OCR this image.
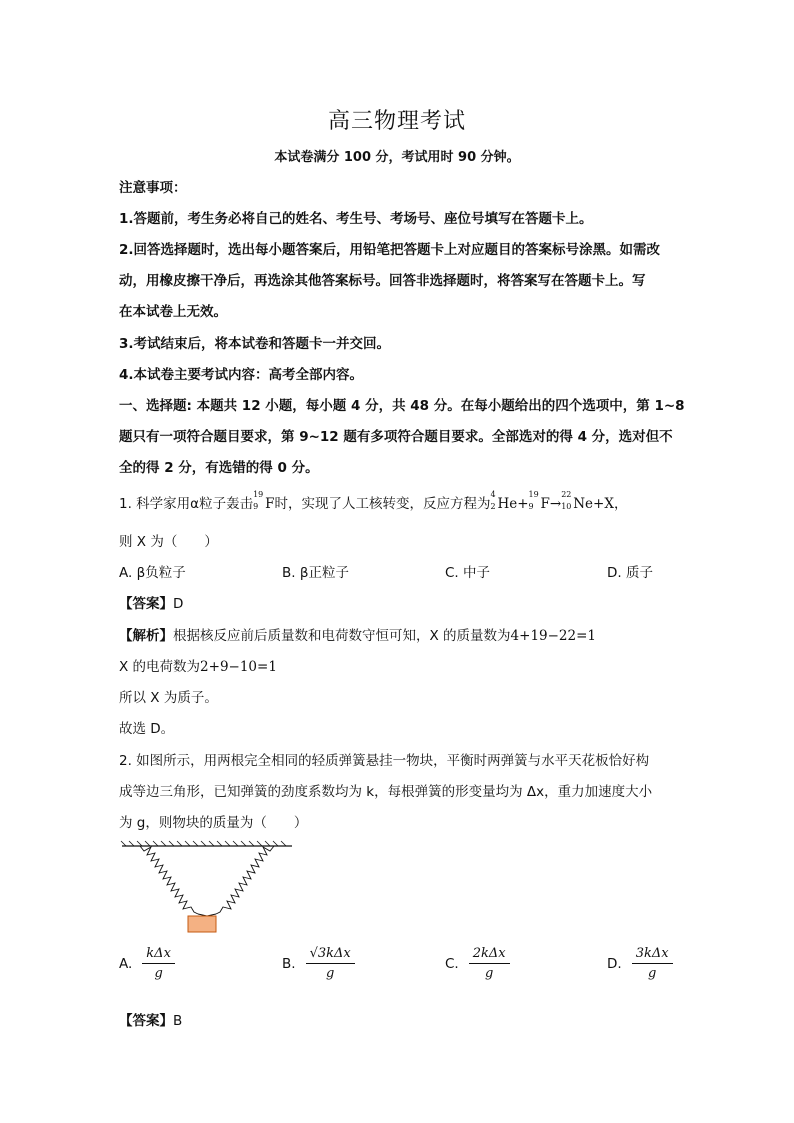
高三物理考试
本试卷满分 100 分，考试用时 90 分钟。
注意事项：
1.答题前，考生务必将自己的姓名、考生号、考场号、座位号填写在答题卡上。
2.回答选择题时，选出每小题答案后，用铅笔把答题卡上对应题目的答案标号涂黑。如需改
动，用橡皮擦干净后，再选涂其他答案标号。回答非选择题时，将答案写在答题卡上。写
在本试卷上无效。
3.考试结束后，将本试卷和答题卡一并交回。
4.本试卷主要考试内容：高考全部内容。
一、选择题: 本题共 12 小题，每小题 4 分，共 48 分。在每小题给出的四个选项中，第 1~8
题只有一项符合题目要求，第 9~12 题有多项符合题目要求。全部选对的得 4 分，选对但不
全的得 2 分，有选错的得 0 分。
1. 科学家用α粒子轰击
19
9 F时，实现了人工核转变，反应方程为
4
2 He+
19
9 F→
22
10 Ne+X，
则 X 为（　　）
A. β负粒子	B. β正粒子	C. 中子	D. 质子
【答案】D
【解析】根据核反应前后质量数和电荷数守恒可知，X 的质量数为4+19−22=1
X 的电荷数为2+9−10=1
所以 X 为质子。
故选 D。
2. 如图所示，用两根完全相同的轻质弹簧悬挂一物块，平衡时两弹簧与水平天花板恰好构
成等边三角形，已知弹簧的劲度系数均为 k，每根弹簧的形变量均为 Δx，重力加速度大小
为 g，则物块的质量为（　　）
A. $\frac{\text{kΔx}}{g}$	B. $\frac{\text{√3kΔx}}{g}$	C. $\frac{\text{2kΔx}}{g}$	D. $\frac{\text{3kΔx}}{g}$
【答案】B
